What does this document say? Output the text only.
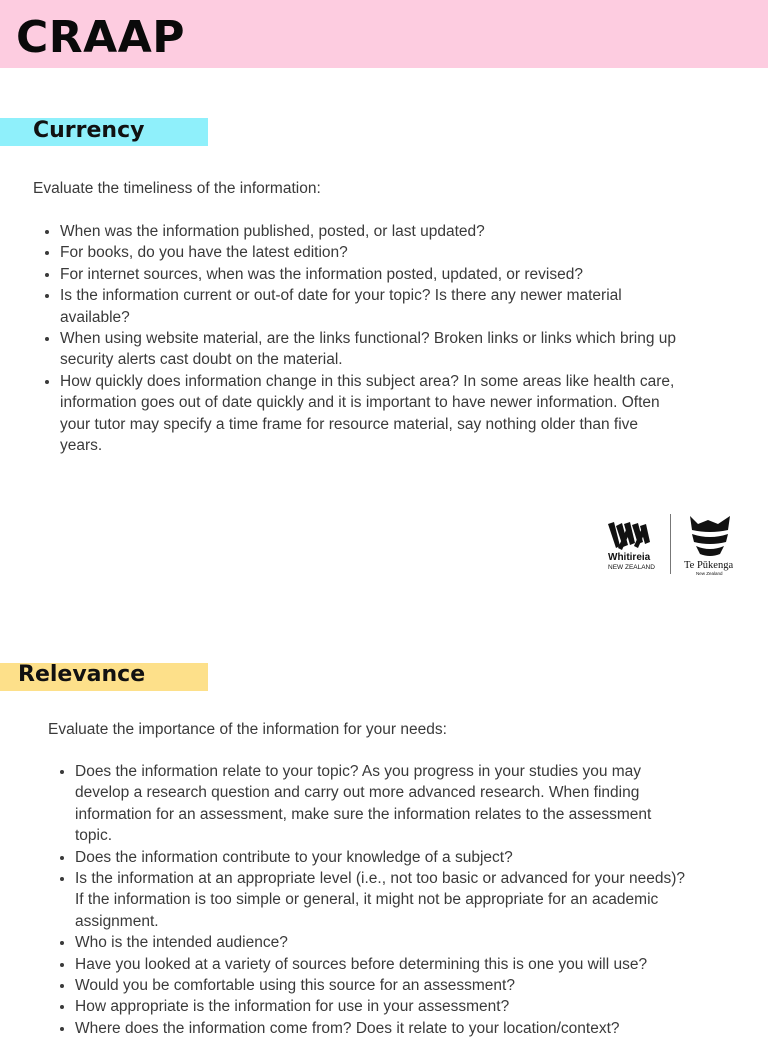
CRAAP
Currency

Evaluate the timeliness of the information:

• When was the information published, posted, or last updated?
• For books, do you have the latest edition?
• For internet sources, when was the information posted, updated, or revised?
• Is the information current or out-of date for your topic? Is there any newer material available?
• When using website material, are the links functional? Broken links or links which bring up security alerts cast doubt on the material.
• How quickly does information change in this subject area? In some areas like health care, information goes out of date quickly and it is important to have newer information. Often your tutor may specify a time frame for resource material, say nothing older than five years.
Whitireia
NEW ZEALAND	Te Pūkenga
New Zealand
Relevance

Evaluate the importance of the information for your needs:

• Does the information relate to your topic? As you progress in your studies you may develop a research question and carry out more advanced research. When finding information for an assessment, make sure the information relates to the assessment topic.
• Does the information contribute to your knowledge of a subject?
• Is the information at an appropriate level (i.e., not too basic or advanced for your needs)? If the information is too simple or general, it might not be appropriate for an academic assignment.
• Who is the intended audience?
• Have you looked at a variety of sources before determining this is one you will use?
• Would you be comfortable using this source for an assessment?
• How appropriate is the information for use in your assessment?
• Where does the information come from? Does it relate to your location/context?
